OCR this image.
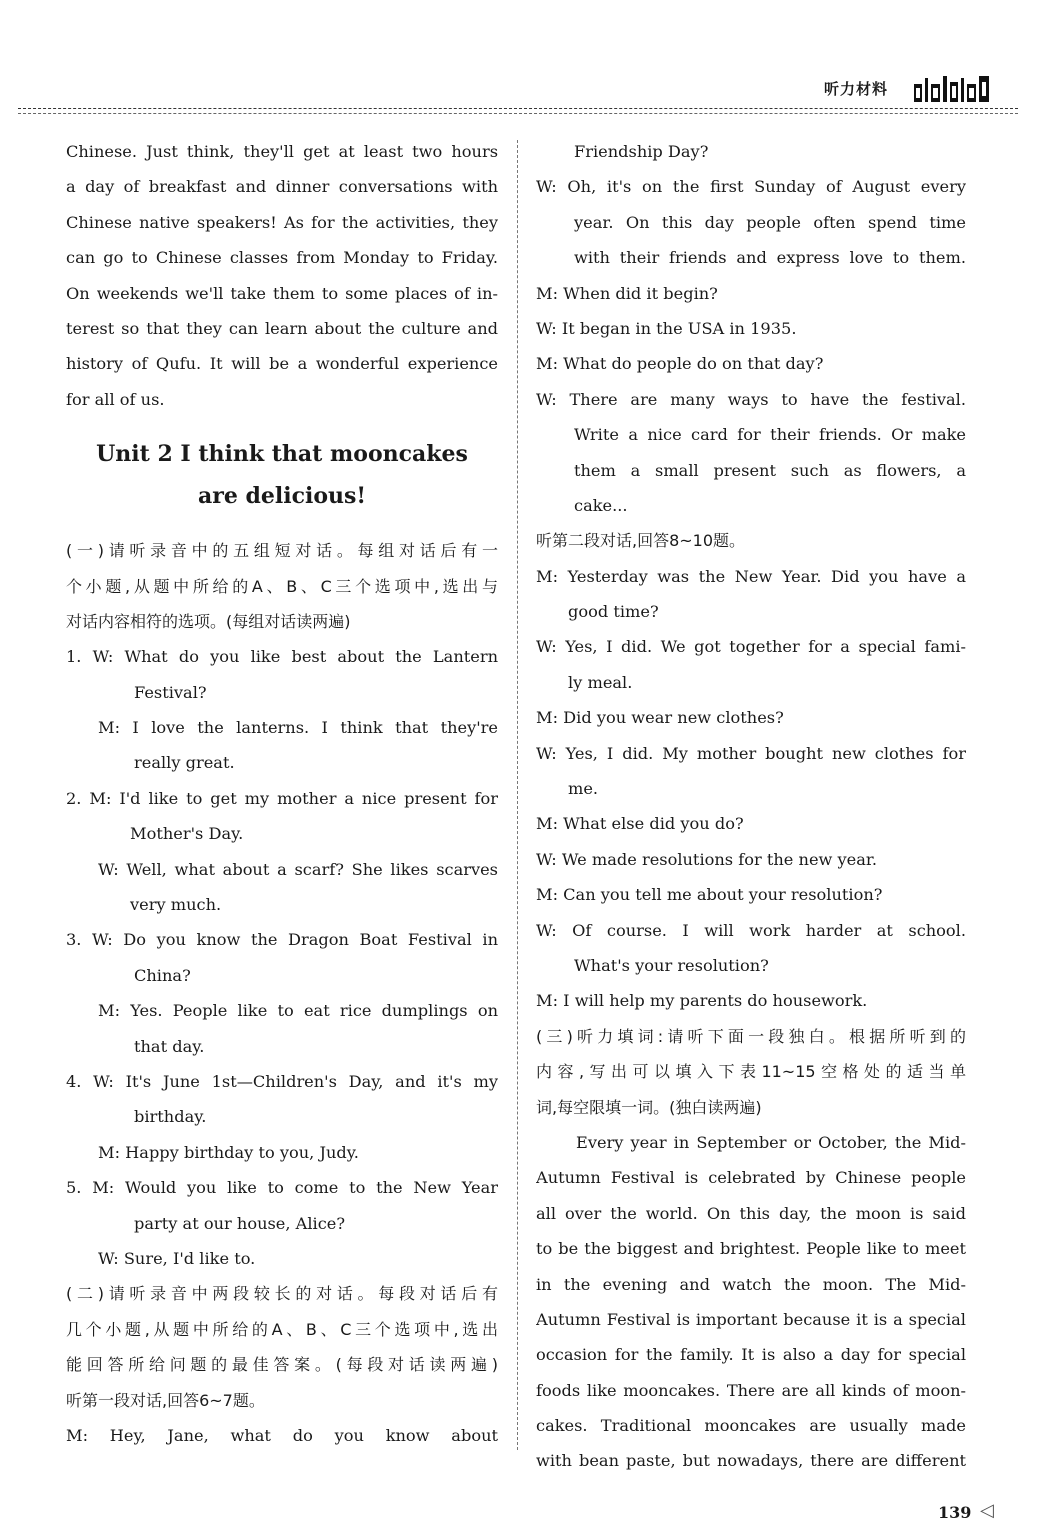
听力材料
Chinese. Just think, they'll get at least two hours
a day of breakfast and dinner conversations with
Chinese native speakers! As for the activities, they
can go to Chinese classes from Monday to Friday.
On weekends we'll take them to some places of in-
terest so that they can learn about the culture and
history of Qufu. It will be a wonderful experience
for all of us.
Unit 2 I think that mooncakes
are delicious!
(一)请听录音中的五组短对话。每组对话后有一
个小题,从题中所给的A、B、C三个选项中,选出与
对话内容相符的选项。(每组对话读两遍)
1. W: What do you like best about the Lantern
Festival?
M: I love the lanterns. I think that they're
really great.
2. M: I'd like to get my mother a nice present for
Mother's Day.
W: Well, what about a scarf? She likes scarves
very much.
3. W: Do you know the Dragon Boat Festival in
China?
M: Yes. People like to eat rice dumplings on
that day.
4. W: It's June 1st—Children's Day, and it's my
birthday.
M: Happy birthday to you, Judy.
5. M: Would you like to come to the New Year
party at our house, Alice?
W: Sure, I'd like to.
(二)请听录音中两段较长的对话。每段对话后有
几个小题,从题中所给的A、B、C三个选项中,选出
能回答所给问题的最佳答案。(每段对话读两遍)
听第一段对话,回答6~7题。
M: Hey, Jane, what do you know about
Friendship Day?
W: Oh, it's on the first Sunday of August every
year. On this day people often spend time
with their friends and express love to them.
M: When did it begin?
W: It began in the USA in 1935.
M: What do people do on that day?
W: There are many ways to have the festival.
Write a nice card for their friends. Or make
them a small present such as flowers, a
cake...
听第二段对话,回答8~10题。
M: Yesterday was the New Year. Did you have a
good time?
W: Yes, I did. We got together for a special fami-
ly meal.
M: Did you wear new clothes?
W: Yes, I did. My mother bought new clothes for
me.
M: What else did you do?
W: We made resolutions for the new year.
M: Can you tell me about your resolution?
W: Of course. I will work harder at school.
What's your resolution?
M: I will help my parents do housework.
(三)听力填词:请听下面一段独白。根据所听到的
内容,写出可以填入下表11~15空格处的适当单
词,每空限填一词。(独白读两遍)
Every year in September or October, the Mid-
Autumn Festival is celebrated by Chinese people
all over the world. On this day, the moon is said
to be the biggest and brightest. People like to meet
in the evening and watch the moon. The Mid-
Autumn Festival is important because it is a special
occasion for the family. It is also a day for special
foods like mooncakes. There are all kinds of moon-
cakes. Traditional mooncakes are usually made
with bean paste, but nowadays, there are different
139 ◁
